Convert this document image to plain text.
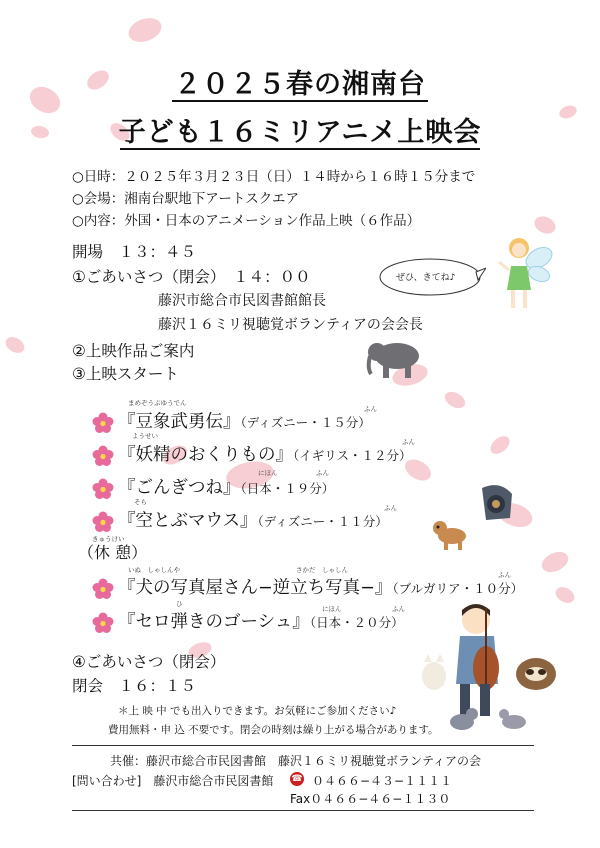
２０２５春の湘南台
子ども１６ミリアニメ上映会
○日時：２０２５年３月２３日（日）１４時から１６時１５分まで
○会場：湘南台駅地下アートスクエア
○内容：外国・日本のアニメーション作品上映（６作品）
開場　１３：４５
①ごあいさつ（閉会）　１４：００
藤沢市総合市民図書館館長
藤沢１６ミリ視聴覚ボランティアの会会長
②上映作品ご案内
③上映スタート
ぜひ、きてね♪
『豆象武勇伝』（ディズニー・１５分）
まめぞうぶゆうでん
ふん
『妖精のおくりもの』（イギリス・１２分）
ようせい
ふん
『ごんぎつね』（日本・１９分）
にほん	ふん
『空とぶマウス』（ディズニー・１１分）
そら
ふん
（休 憩）
きゅうけい
『犬の写真屋さん−逆立ち写真−』（ブルガリア・１０分）
いぬ　しゃしんや	さかだ　しゃしん
ふん
『セロ弾きのゴーシュ』（日本・２０分）
ひ
にほん	ふん
④ごあいさつ（閉会）
閉会　１６：１５
＊上 映 中 でも出入りできます。お気軽にご参加ください♪
費用無料・申 込 不要です。閉会の時刻は繰り上がる場合があります。
共催：藤沢市総合市民図書館　藤沢１６ミリ視聴覚ボランティアの会
[問い合わせ]　藤沢市総合市民図書館 ☎ ０４６６−４３−１１１１
Fax０４６６−４６−１１３０
